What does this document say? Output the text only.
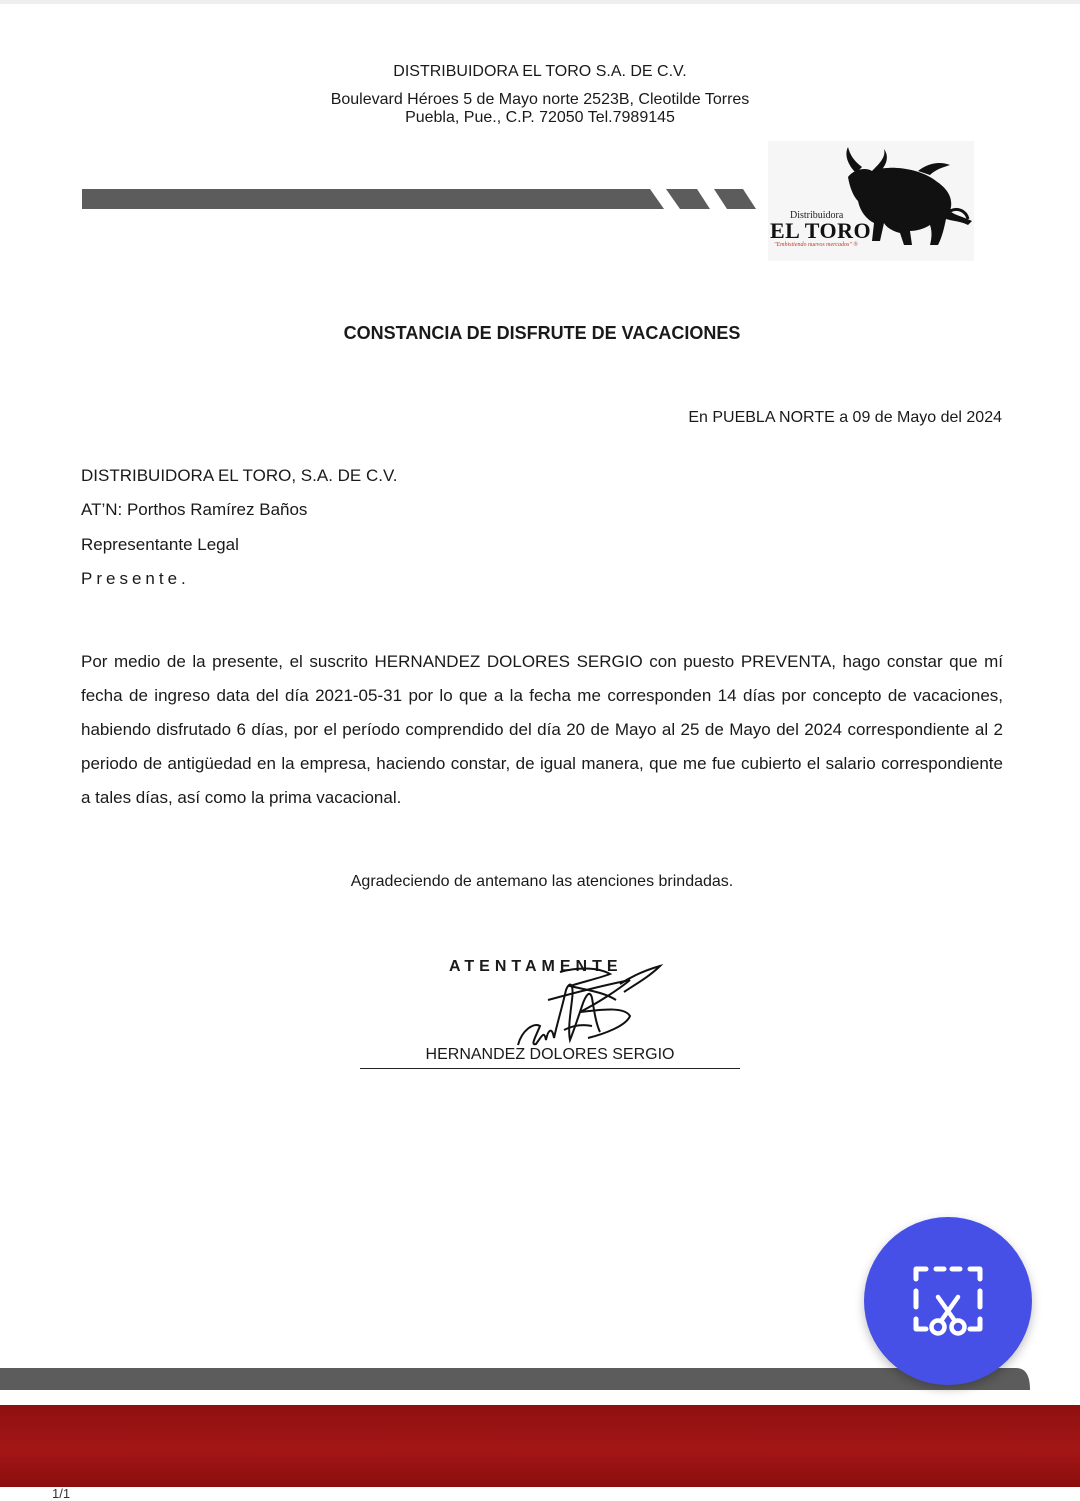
DISTRIBUIDORA EL TORO S.A. DE C.V.
Boulevard Héroes 5 de Mayo norte 2523B, Cleotilde Torres
Puebla, Pue., C.P. 72050 Tel.7989145
Distribuidora
EL TORO
"Embistiendo nuevos mercados" ®
CONSTANCIA DE DISFRUTE DE VACACIONES
En PUEBLA NORTE a 09 de Mayo del 2024
DISTRIBUIDORA EL TORO, S.A. DE C.V.
AT’N: Porthos Ramírez Baños
Representante Legal
Presente.

Por medio de la presente, el suscrito HERNANDEZ DOLORES SERGIO con puesto PREVENTA, hago constar que mí fecha de ingreso data del día 2021-05-31 por lo que a la fecha me corresponden 14 días por concepto de vacaciones, habiendo disfrutado 6 días, por el período comprendido del día 20 de Mayo al 25 de Mayo del 2024 correspondiente al 2 periodo de antigüedad en la empresa, haciendo constar, de igual manera, que me fue cubierto el salario correspondiente a tales días, así como la prima vacacional.

Agradeciendo de antemano las atenciones brindadas.
ATENTAMENTE
HERNANDEZ DOLORES SERGIO
1/1
